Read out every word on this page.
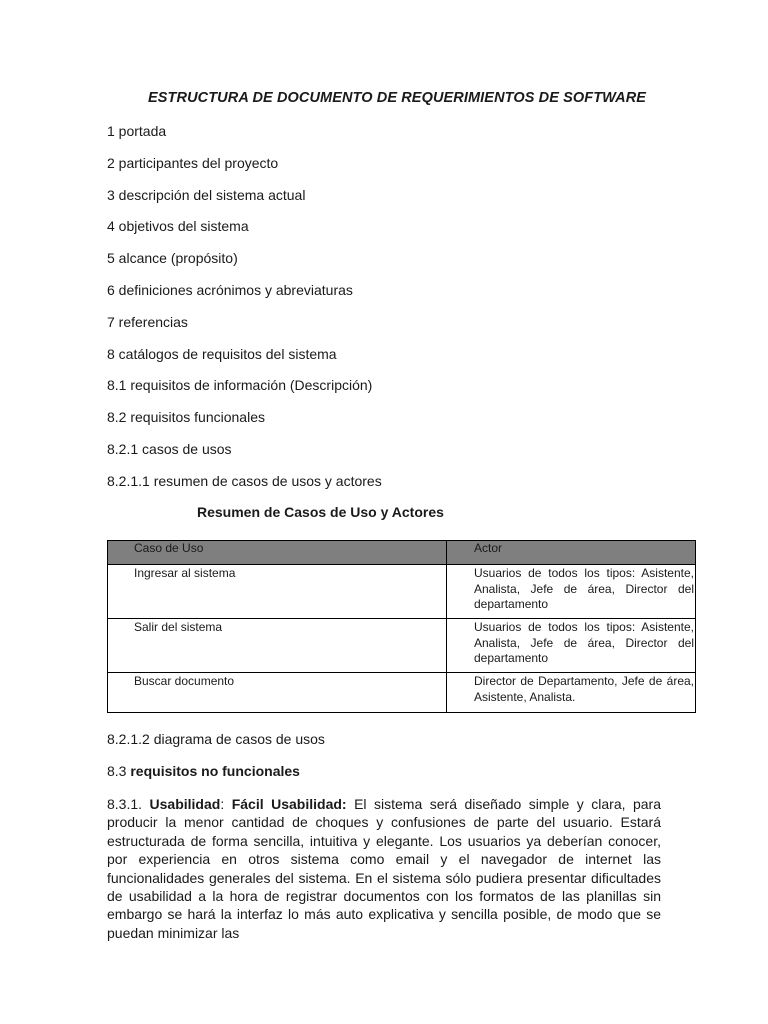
ESTRUCTURA DE DOCUMENTO DE REQUERIMIENTOS DE SOFTWARE
1 portada
2 participantes del proyecto
3 descripción del sistema actual
4 objetivos del sistema
5 alcance (propósito)
6 definiciones acrónimos y abreviaturas
7 referencias
8 catálogos de requisitos del sistema
8.1 requisitos de información (Descripción)
8.2 requisitos funcionales
8.2.1 casos de usos
8.2.1.1 resumen de casos de usos y actores
Resumen de Casos de Uso y Actores
Caso de Uso	Actor
Ingresar al sistema	Usuarios de todos los tipos: Asistente, Analista, Jefe de área, Director del departamento
Salir del sistema	Usuarios de todos los tipos: Asistente, Analista, Jefe de área, Director del departamento
Buscar documento	Director de Departamento, Jefe de área, Asistente, Analista.
8.2.1.2 diagrama de casos de usos
8.3 requisitos no funcionales

8.3.1. Usabilidad: Fácil Usabilidad: El sistema será diseñado simple y clara, para producir la menor cantidad de choques y confusiones de parte del usuario. Estará estructurada de forma sencilla, intuitiva y elegante. Los usuarios ya deberían conocer, por experiencia en otros sistema como email y el navegador de internet las funcionalidades generales del sistema. En el sistema sólo pudiera presentar dificultades de usabilidad a la hora de registrar documentos con los formatos de las planillas sin embargo se hará la interfaz lo más auto explicativa y sencilla posible, de modo que se puedan minimizar las
